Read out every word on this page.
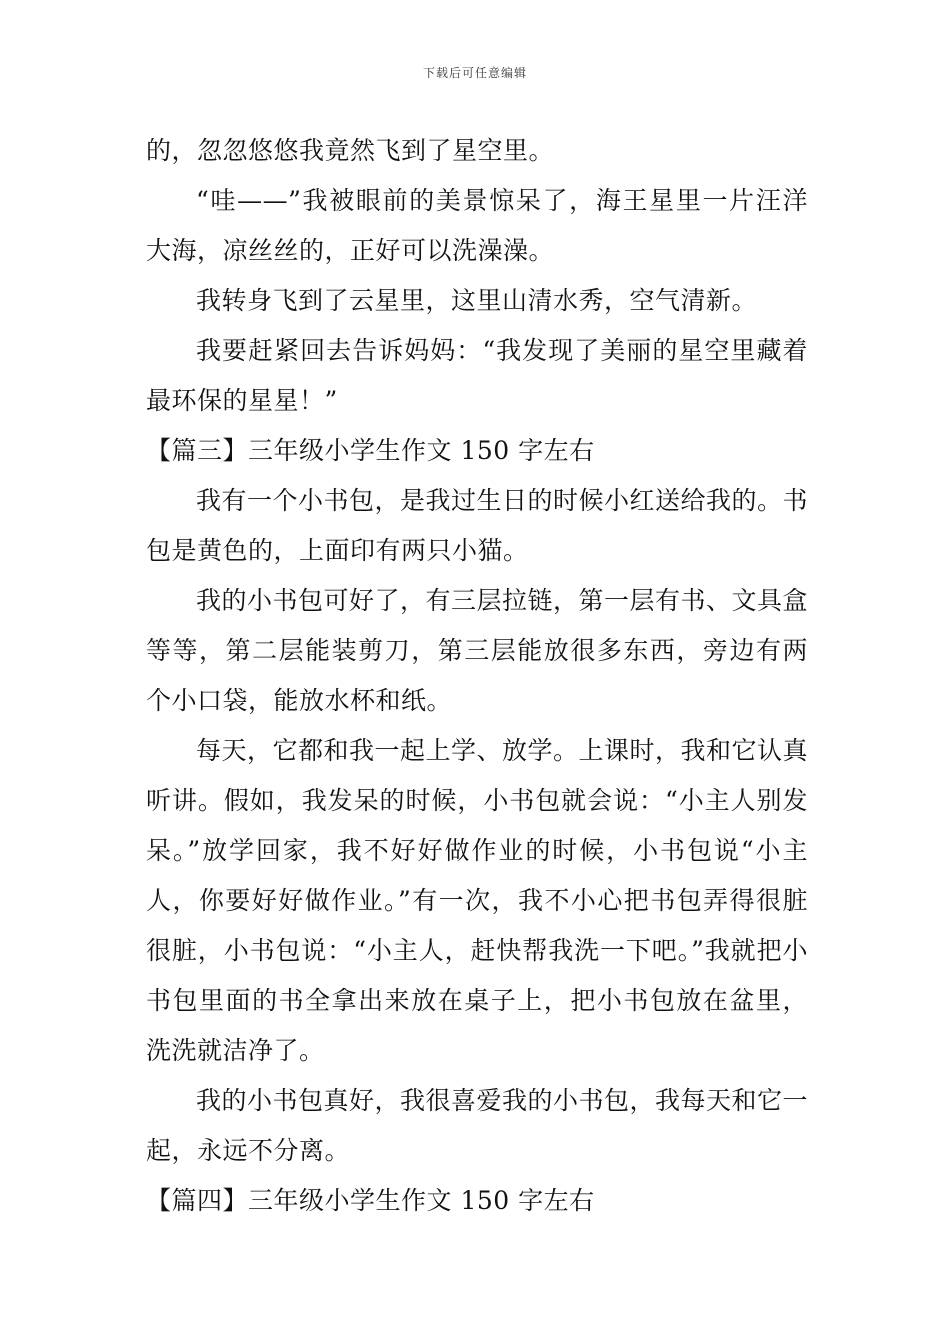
下载后可任意编辑

的，忽忽悠悠我竟然飞到了星空里。

“哇——”我被眼前的美景惊呆了，海王星里一片汪洋大海，凉丝丝的，正好可以洗澡澡。

我转身飞到了云星里，这里山清水秀，空气清新。

我要赶紧回去告诉妈妈：“我发现了美丽的星空里藏着最环保的星星！”

【篇三】三年级小学生作文 150 字左右

我有一个小书包，是我过生日的时候小红送给我的。书包是黄色的，上面印有两只小猫。

我的小书包可好了，有三层拉链，第一层有书、文具盒等等，第二层能装剪刀，第三层能放很多东西，旁边有两个小口袋，能放水杯和纸。

每天，它都和我一起上学、放学。上课时，我和它认真听讲。假如，我发呆的时候，小书包就会说：“小主人别发呆。”放学回家，我不好好做作业的时候，小书包说“小主人，你要好好做作业。”有一次，我不小心把书包弄得很脏很脏，小书包说：“小主人，赶快帮我洗一下吧。”我就把小书包里面的书全拿出来放在桌子上，把小书包放在盆里，洗洗就洁净了。

我的小书包真好，我很喜爱我的小书包，我每天和它一起，永远不分离。

【篇四】三年级小学生作文 150 字左右
